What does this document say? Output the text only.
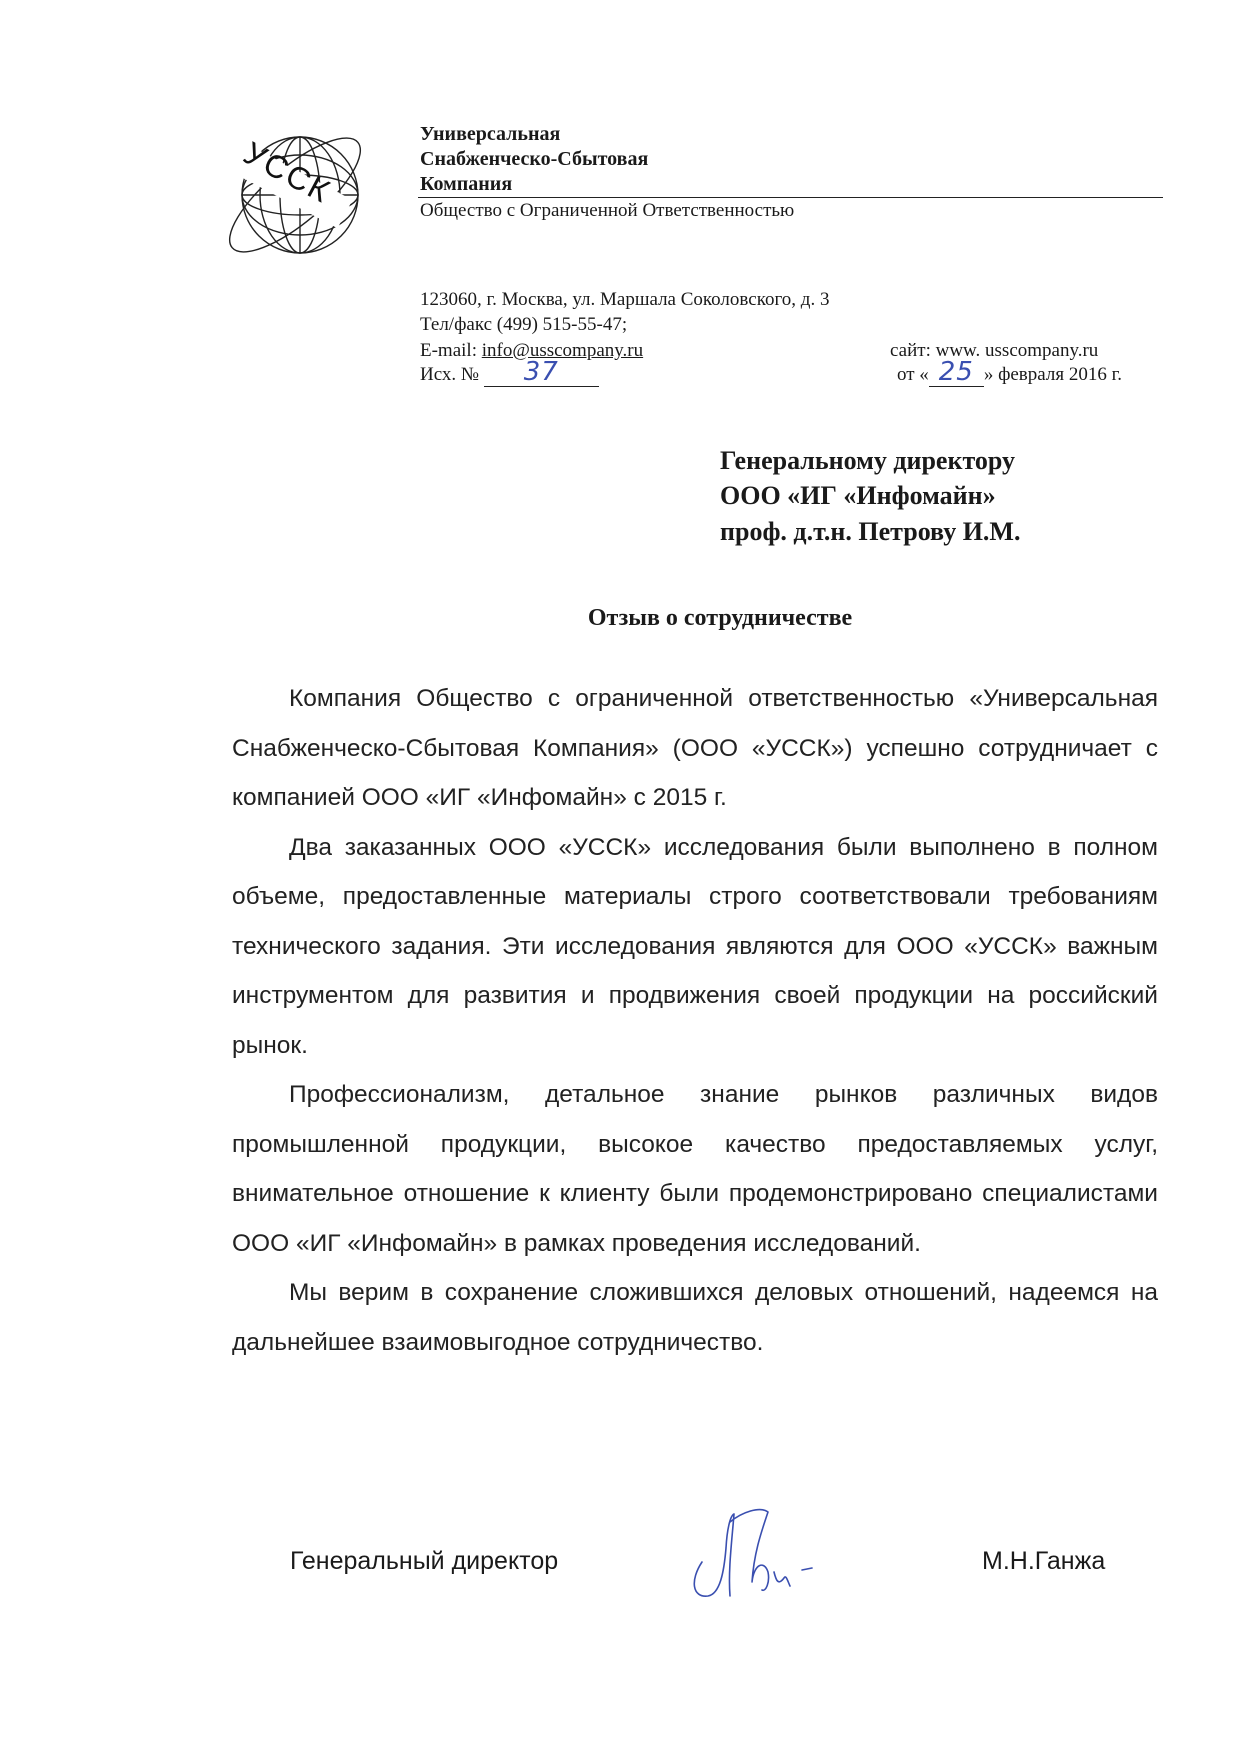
УССК
Универсальная
Снабженческо-Сбытовая
Компания
Общество с Ограниченной Ответственностью
123060, г. Москва, ул. Маршала Соколовского, д. 3
Тел/факс (499) 515-55-47;
E-mail: info@usscompany.ru
Исх. № 37
сайт: www. usscompany.ru
от « 25 » февраля 2016 г.
Генеральному директору
ООО «ИГ «Инфомайн»
проф. д.т.н. Петрову И.М.
Отзыв о сотрудничестве

Компания Общество с ограниченной ответственностью «Универсальная Снабженческо-Сбытовая Компания» (ООО «УССК») успешно сотрудничает с компанией ООО «ИГ «Инфомайн» с 2015 г.

Два заказанных ООО «УССК» исследования были выполнено в полном объеме, предоставленные материалы строго соответствовали требованиям технического задания. Эти исследования являются для ООО «УССК» важным инструментом для развития и продвижения своей продукции на российский рынок.

Профессионализм, детальное знание рынков различных видов промышленной продукции, высокое качество предоставляемых услуг, внимательное отношение к клиенту были продемонстрировано специалистами ООО «ИГ «Инфомайн» в рамках проведения исследований.

Мы верим в сохранение сложившихся деловых отношений, надеемся на дальнейшее взаимовыгодное сотрудничество.

Генеральный директор	М.Н.Ганжа
